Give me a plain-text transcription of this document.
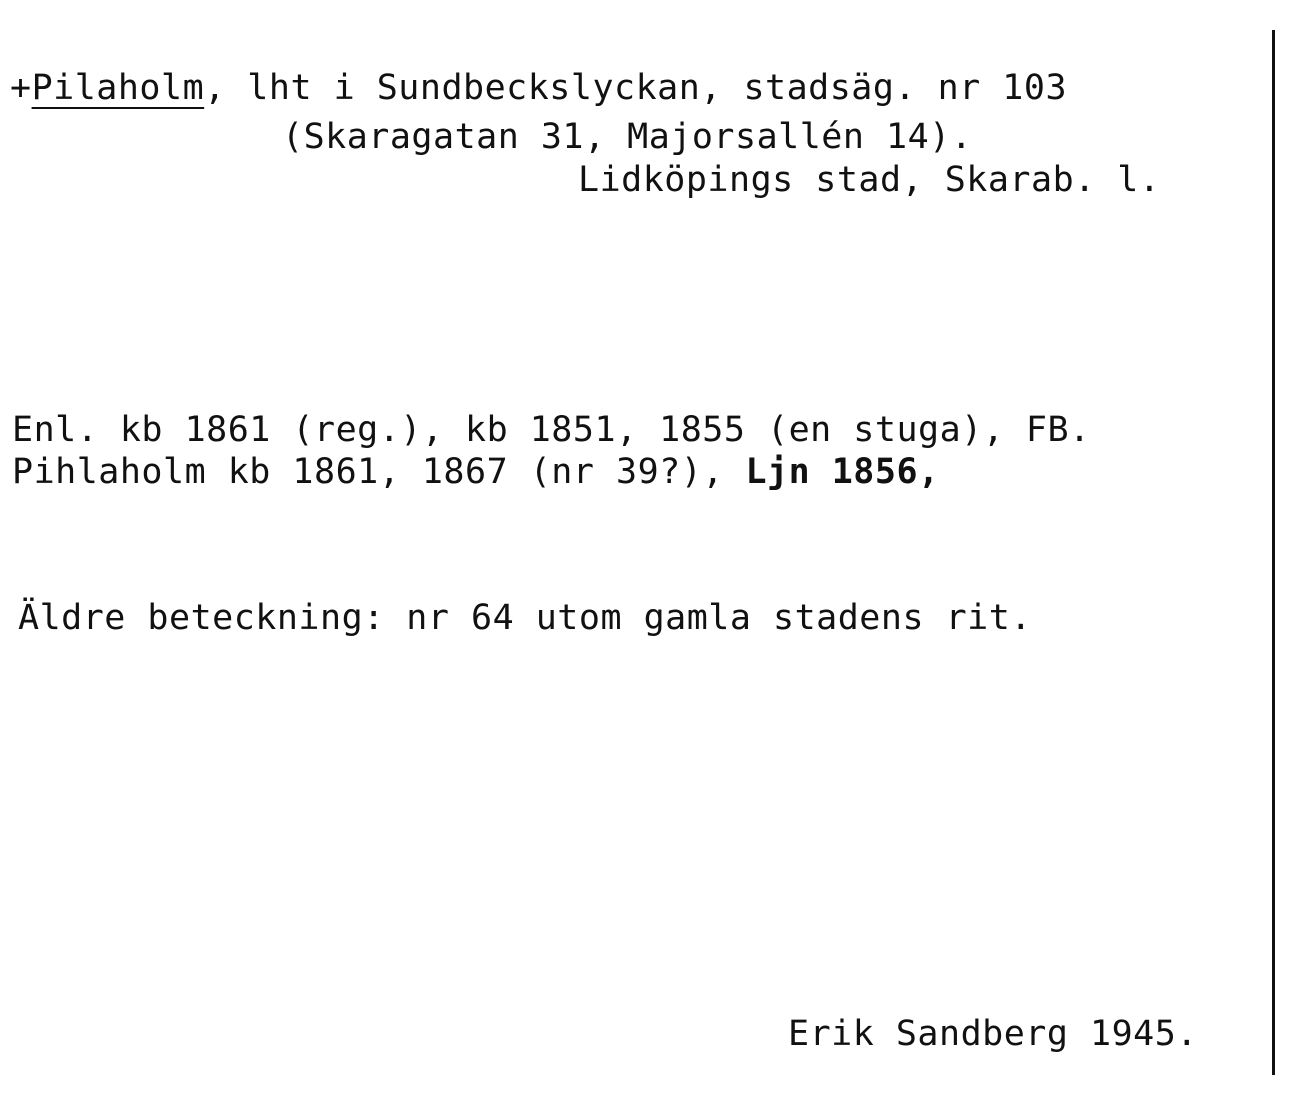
+Pilaholm, lht i Sundbeckslyckan, stadsäg. nr 103
(Skaragatan 31, Majorsallén 14).
Lidköpings stad, Skarab. l.
Enl. kb 1861 (reg.), kb 1851, 1855 (en stuga), FB.
Pihlaholm kb 1861, 1867 (nr 39?), Ljn 1856,
Äldre beteckning: nr 64 utom gamla stadens rit.
Erik Sandberg 1945.
